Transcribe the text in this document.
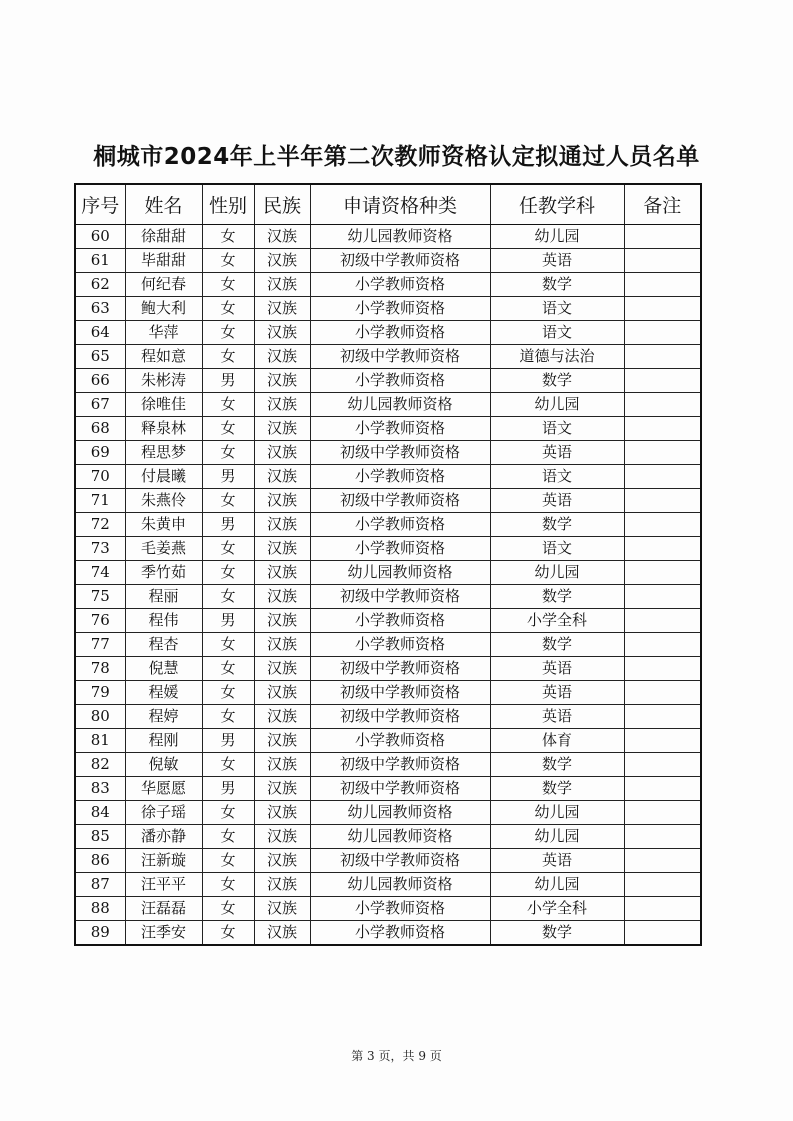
桐城市2024年上半年第二次教师资格认定拟通过人员名单
序号	姓名	性别	民族	申请资格种类	任教学科	备注
60	徐甜甜	女	汉族	幼儿园教师资格	幼儿园	
61	毕甜甜	女	汉族	初级中学教师资格	英语	
62	何纪春	女	汉族	小学教师资格	数学	
63	鲍大利	女	汉族	小学教师资格	语文	
64	华萍	女	汉族	小学教师资格	语文	
65	程如意	女	汉族	初级中学教师资格	道德与法治	
66	朱彬涛	男	汉族	小学教师资格	数学	
67	徐唯佳	女	汉族	幼儿园教师资格	幼儿园	
68	释泉林	女	汉族	小学教师资格	语文	
69	程思梦	女	汉族	初级中学教师资格	英语	
70	付晨曦	男	汉族	小学教师资格	语文	
71	朱燕伶	女	汉族	初级中学教师资格	英语	
72	朱黄申	男	汉族	小学教师资格	数学	
73	毛姜燕	女	汉族	小学教师资格	语文	
74	季竹茹	女	汉族	幼儿园教师资格	幼儿园	
75	程丽	女	汉族	初级中学教师资格	数学	
76	程伟	男	汉族	小学教师资格	小学全科	
77	程杏	女	汉族	小学教师资格	数学	
78	倪慧	女	汉族	初级中学教师资格	英语	
79	程媛	女	汉族	初级中学教师资格	英语	
80	程婷	女	汉族	初级中学教师资格	英语	
81	程刚	男	汉族	小学教师资格	体育	
82	倪敏	女	汉族	初级中学教师资格	数学	
83	华愿愿	男	汉族	初级中学教师资格	数学	
84	徐子瑶	女	汉族	幼儿园教师资格	幼儿园	
85	潘亦静	女	汉族	幼儿园教师资格	幼儿园	
86	汪新璇	女	汉族	初级中学教师资格	英语	
87	汪平平	女	汉族	幼儿园教师资格	幼儿园	
88	汪磊磊	女	汉族	小学教师资格	小学全科	
89	汪季安	女	汉族	小学教师资格	数学	
第 3 页，共 9 页
